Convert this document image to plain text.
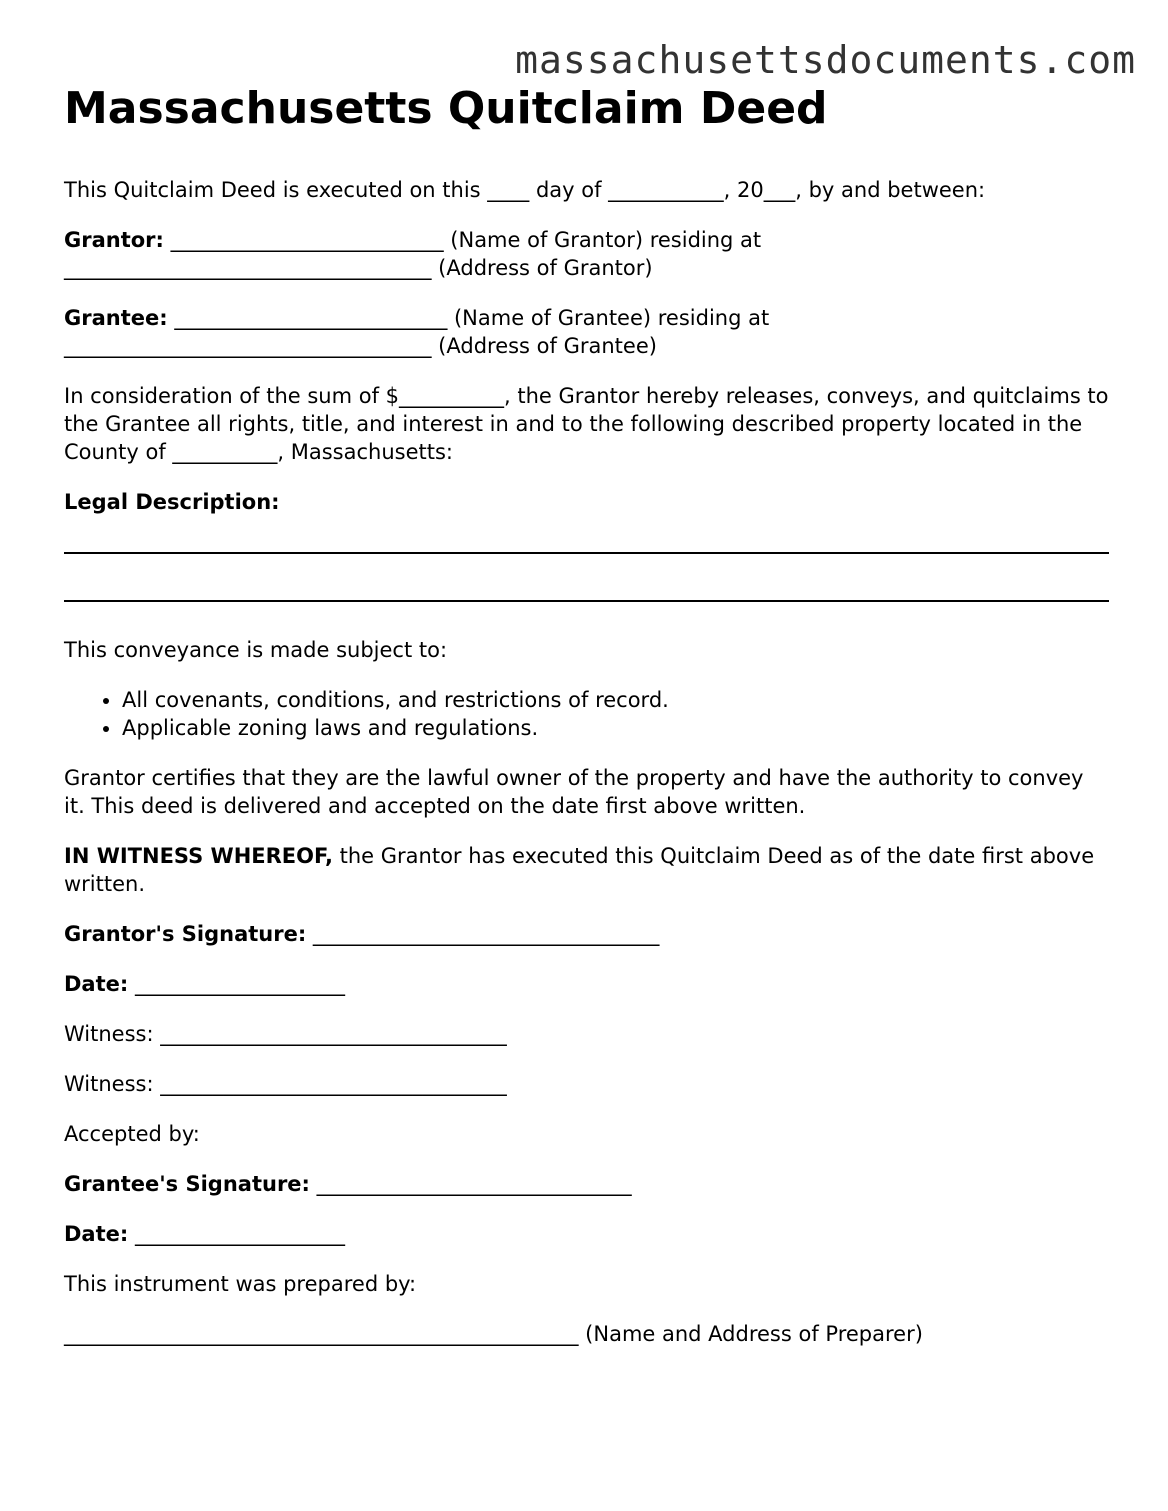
massachusettsdocuments.com
Massachusetts Quitclaim Deed

This Quitclaim Deed is executed on this ____ day of ___________, 20___, by and between:

Grantor: __________________________ (Name of Grantor) residing at
___________________________________ (Address of Grantor)

Grantee: __________________________ (Name of Grantee) residing at
___________________________________ (Address of Grantee)

In consideration of the sum of $__________, the Grantor hereby releases, conveys, and quitclaims to the Grantee all rights, title, and interest in and to the following described property located in the County of __________, Massachusetts:

Legal Description:

This conveyance is made subject to:

• All covenants, conditions, and restrictions of record.
• Applicable zoning laws and regulations.

Grantor certifies that they are the lawful owner of the property and have the authority to convey it. This deed is delivered and accepted on the date first above written.

IN WITNESS WHEREOF, the Grantor has executed this Quitclaim Deed as of the date first above written.

Grantor's Signature: _________________________________

Date: ____________________

Witness: _________________________________

Witness: _________________________________

Accepted by:

Grantee's Signature: ______________________________

Date: ____________________

This instrument was prepared by:

_________________________________________________ (Name and Address of Preparer)
